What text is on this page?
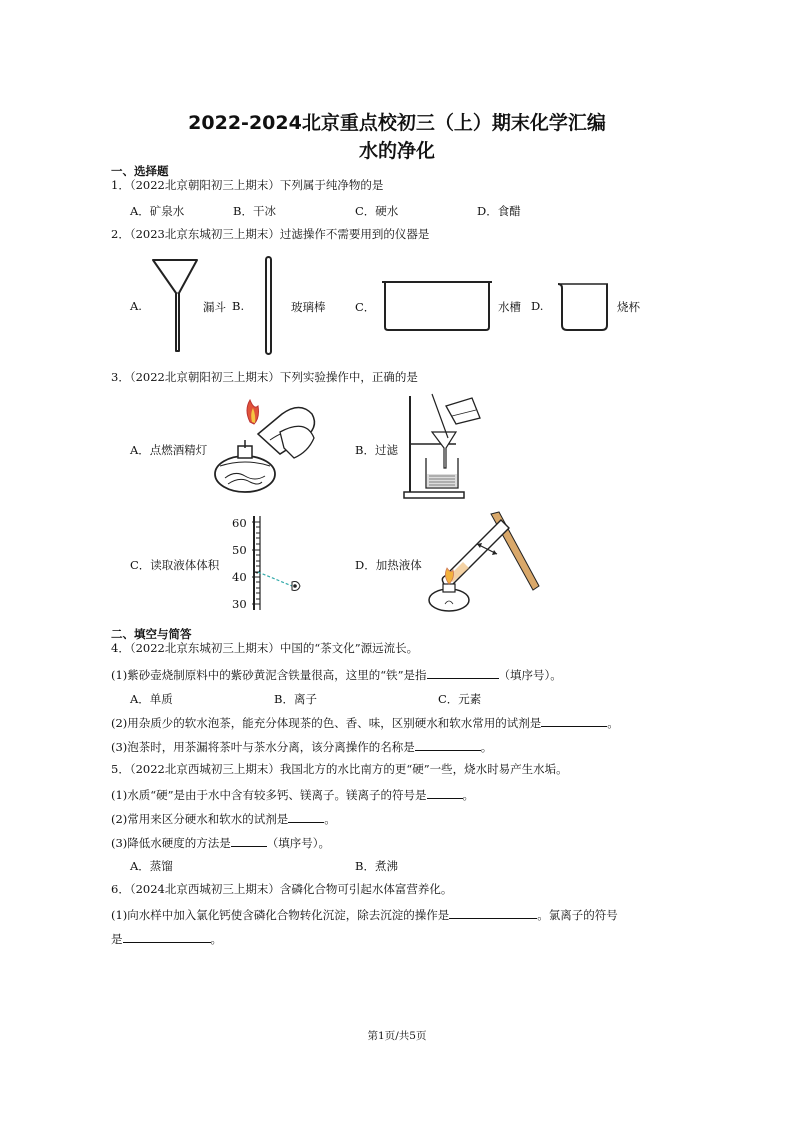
2022-2024北京重点校初三（上）期末化学汇编
水的净化
一、选择题
1．（2022北京朝阳初三上期末）下列属于纯净物的是
A．矿泉水	B．干冰	C．硬水	D．食醋
2．（2023北京东城初三上期末）过滤操作不需要用到的仪器是
A.	漏斗 B.	玻璃棒	C．	水槽 D.	烧杯
3．（2022北京朝阳初三上期末）下列实验操作中，正确的是
A．点燃酒精灯	B．过滤
C．读取液体体积
60
50
40
30
D．加热液体
二、填空与简答
4．（2022北京东城初三上期末）中国的“茶文化”源远流长。
(1)紫砂壶烧制原料中的紫砂黄泥含铁量很高，这里的“铁”是指	（填序号）。
A．单质	B．离子	C．元素
(2)用杂质少的软水泡茶，能充分体现茶的色、香、味，区别硬水和软水常用的试剂是	。
(3)泡茶时，用茶漏将茶叶与茶水分离，该分离操作的名称是	。
5．（2022北京西城初三上期末）我国北方的水比南方的更“硬”一些，烧水时易产生水垢。
(1)水质“硬”是由于水中含有较多钙、镁离子。镁离子的符号是	。
(2)常用来区分硬水和软水的试剂是	。
(3)降低水硬度的方法是	（填序号）。
A．蒸馏	B．煮沸
6．（2024北京西城初三上期末）含磷化合物可引起水体富营养化。
(1)向水样中加入氯化钙使含磷化合物转化沉淀，除去沉淀的操作是	。氯离子的符号
是	。
第1页/共5页
